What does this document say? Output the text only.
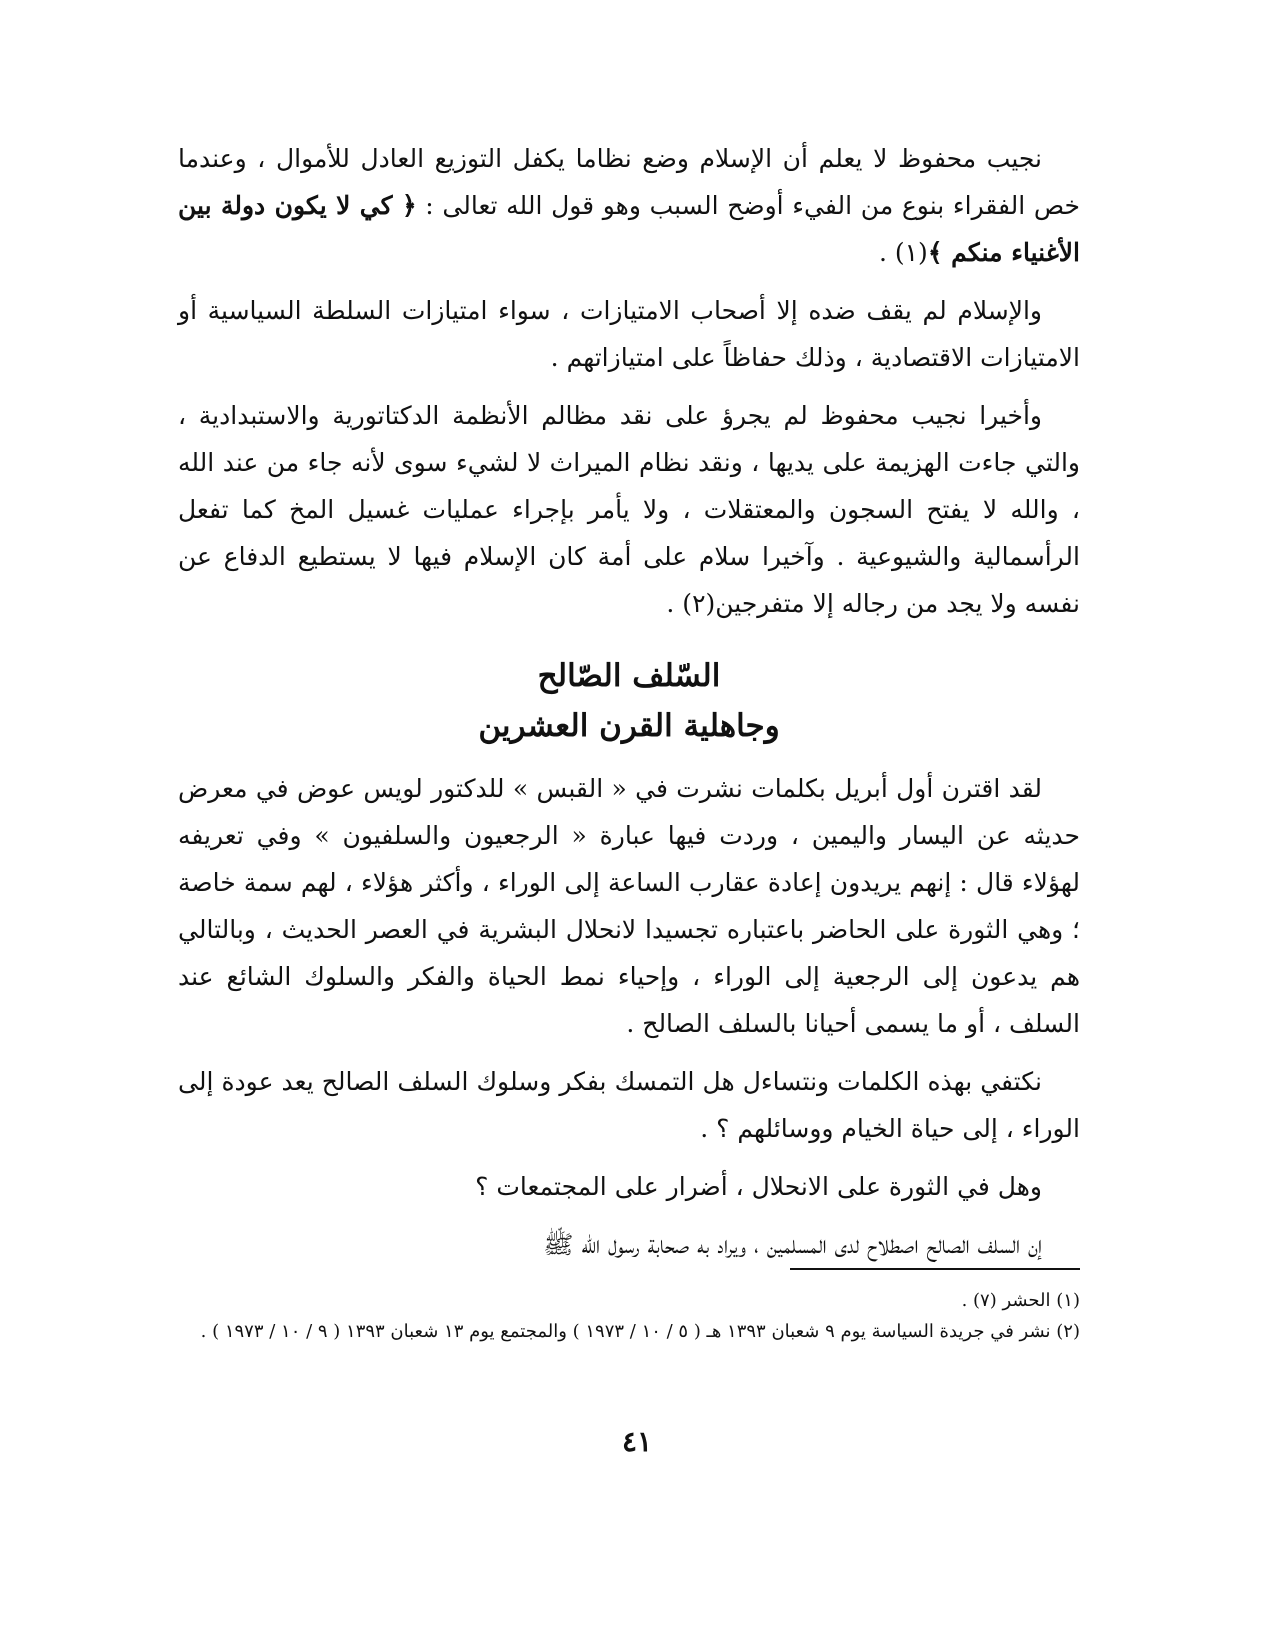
نجيب محفوظ لا يعلم أن الإسلام وضع نظاما يكفل التوزيع العادل للأموال ، وعندما خص الفقراء بنوع من الفيء أوضح السبب وهو قول الله تعالى : ﴿ كي لا يكون دولة بين الأغنياء منكم ﴾(١) .

والإسلام لم يقف ضده إلا أصحاب الامتيازات ، سواء امتيازات السلطة السياسية أو الامتيازات الاقتصادية ، وذلك حفاظاً على امتيازاتهم .

وأخيرا نجيب محفوظ لم يجرؤ على نقد مظالم الأنظمة الدكتاتورية والاستبدادية ، والتي جاءت الهزيمة على يديها ، ونقد نظام الميراث لا لشيء سوى لأنه جاء من عند الله ، والله لا يفتح السجون والمعتقلات ، ولا يأمر بإجراء عمليات غسيل المخ كما تفعل الرأسمالية والشيوعية . وآخيرا سلام على أمة كان الإسلام فيها لا يستطيع الدفاع عن نفسه ولا يجد من رجاله إلا متفرجين(٢) .

السّلف الصّالح
وجاهلية القرن العشرين

لقد اقترن أول أبريل بكلمات نشرت في « القبس » للدكتور لويس عوض في معرض حديثه عن اليسار واليمين ، وردت فيها عبارة « الرجعيون والسلفيون » وفي تعريفه لهؤلاء قال : إنهم يريدون إعادة عقارب الساعة إلى الوراء ، وأكثر هؤلاء ، لهم سمة خاصة ؛ وهي الثورة على الحاضر باعتباره تجسيدا لانحلال البشرية في العصر الحديث ، وبالتالي هم يدعون إلى الرجعية إلى الوراء ، وإحياء نمط الحياة والفكر والسلوك الشائع عند السلف ، أو ما يسمى أحيانا بالسلف الصالح .

نكتفي بهذه الكلمات ونتساءل هل التمسك بفكر وسلوك السلف الصالح يعد عودة إلى الوراء ، إلى حياة الخيام ووسائلهم ؟ .

وهل في الثورة على الانحلال ، أضرار على المجتمعات ؟

إن السلف الصالح اصطلاح لدى المسلمين ، ويراد به صحابة رسول الله ﷺ

(١) الحشر (٧) .
(٢) نشر في جريدة السياسة يوم ٩ شعبان ١٣٩٣ هـ ( ٥ / ١٠ / ١٩٧٣ ) والمجتمع يوم ١٣ شعبان ١٣٩٣ ( ٩ / ١٠ / ١٩٧٣ ) .
٤١
